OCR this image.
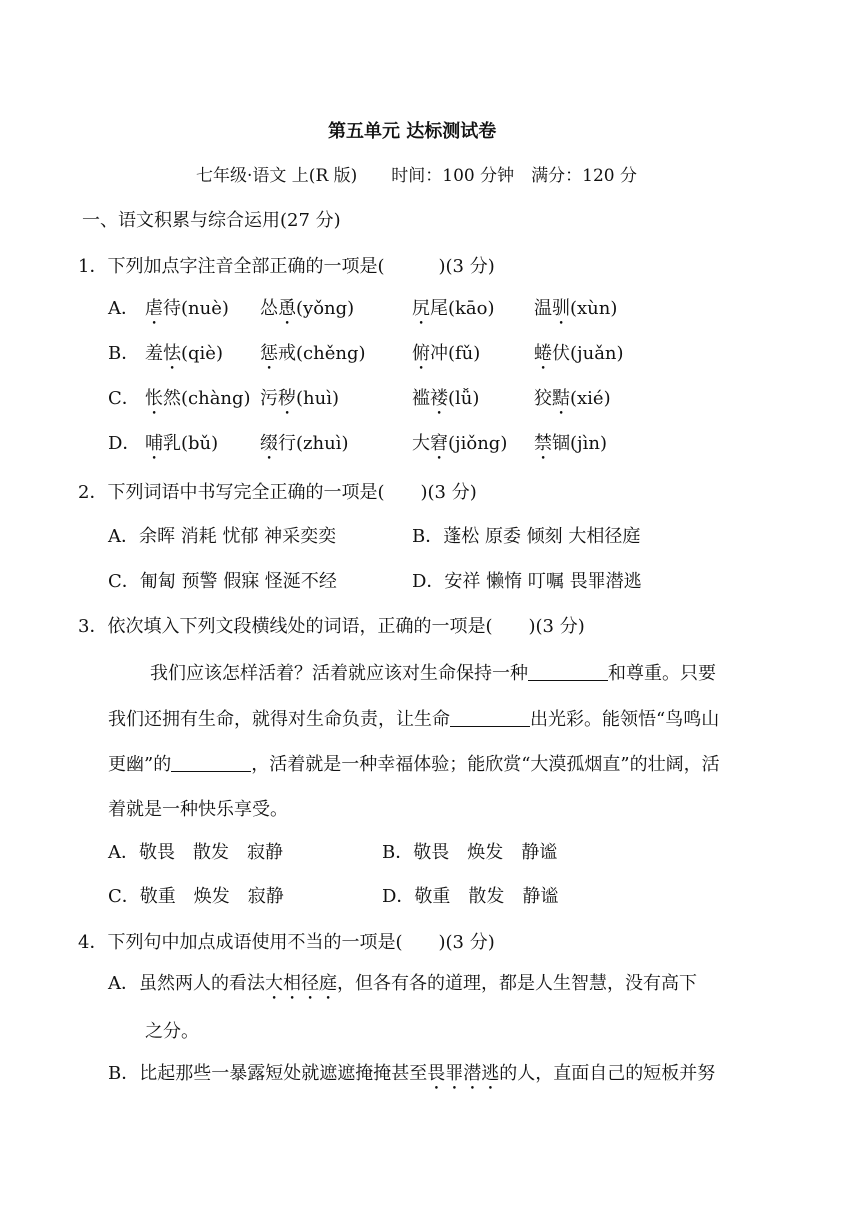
第五单元 达标测试卷
七年级·语文 上(R 版)　　时间：100 分钟　满分：120 分
一、语文积累与综合运用(27 分)
1．下列加点字注音全部正确的一项是(　　　)(3 分)
A． 虐待(nuè) 怂恿(yǒng)	尻尾(kāo) 温驯(xùn)
B． 羞怯(qiè) 惩戒(chěng)	俯冲(fǔ)	蜷伏(juǎn)
C． 怅然(chàng) 污秽(huì)	褴褛(lǚ)	狡黠(xié)
D． 哺乳(bǔ) 缀行(zhuì)	大窘(jiǒng) 禁锢(jìn)
2．下列词语中书写完全正确的一项是(　　)(3 分)
A．余晖 消耗 忧郁 神采奕奕	B．蓬松 原委 倾刻 大相径庭
C．匍匐 预警 假寐 怪涎不经	D．安祥 懒惰 叮嘱 畏罪潜逃
3．依次填入下列文段横线处的词语，正确的一项是(　　)(3 分)
我们应该怎样活着？活着就应该对生命保持一种	和尊重。只要
我们还拥有生命，就得对生命负责，让生命	出光彩。能领悟“鸟鸣山
更幽”的	，活着就是一种幸福体验；能欣赏“大漠孤烟直”的壮阔，活
着就是一种快乐享受。
A．敬畏　散发　寂静	B．敬畏　焕发　静谧
C．敬重　焕发　寂静	D．敬重　散发　静谧
4．下列句中加点成语使用不当的一项是(　　)(3 分)
A．虽然两人的看法大相径庭，但各有各的道理，都是人生智慧，没有高下
之分。
B．比起那些一暴露短处就遮遮掩掩甚至畏罪潜逃的人，直面自己的短板并努
